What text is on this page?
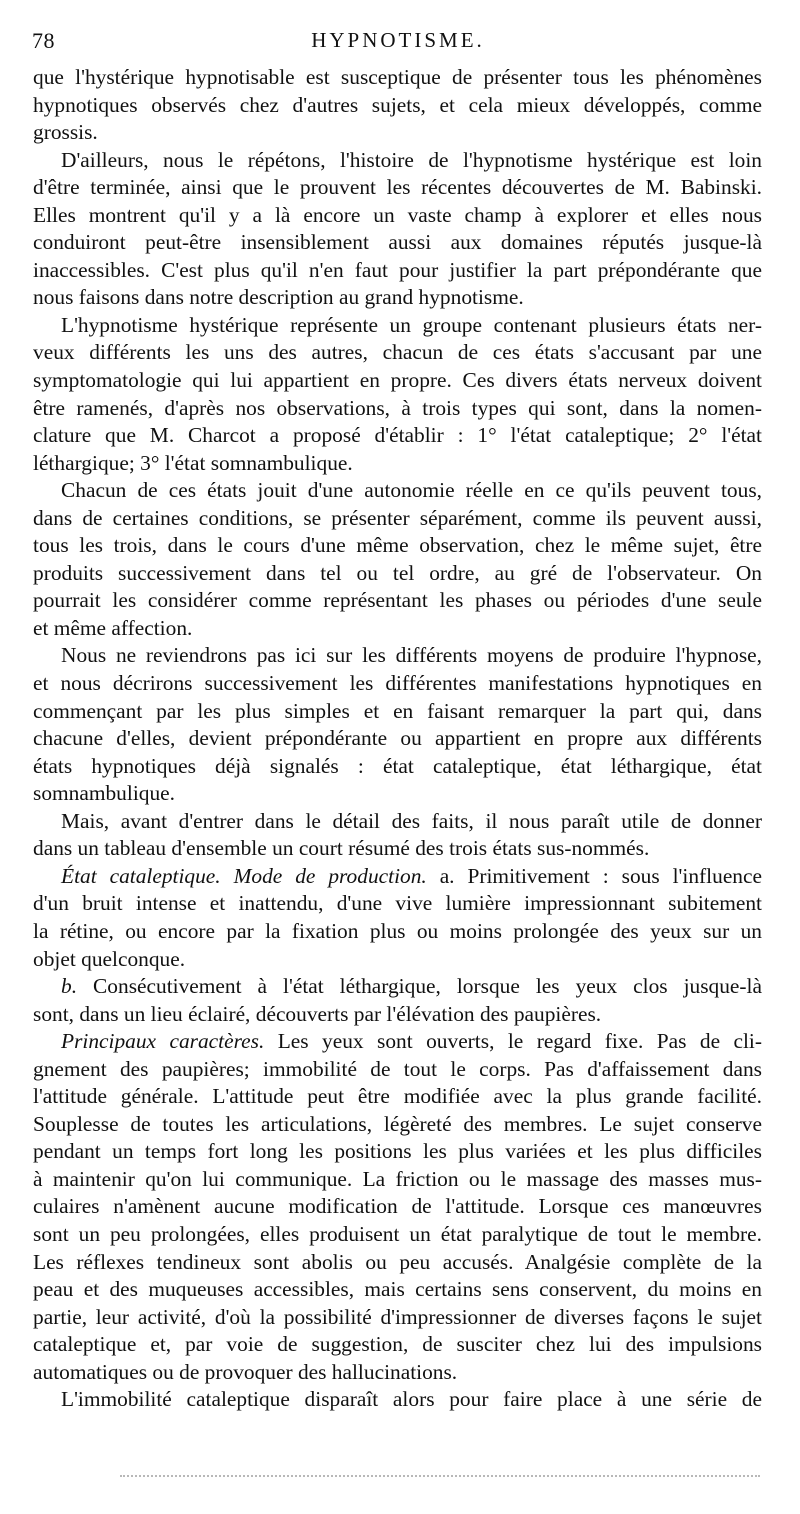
78	HYPNOTISME.
que l'hystérique hypnotisable est susceptique de présenter tous les phénomènes
hypnotiques observés chez d'autres sujets, et cela mieux développés, comme
grossis.
D'ailleurs, nous le répétons, l'histoire de l'hypnotisme hystérique est loin
d'être terminée, ainsi que le prouvent les récentes découvertes de M. Babinski.
Elles montrent qu'il y a là encore un vaste champ à explorer et elles nous
conduiront peut-être insensiblement aussi aux domaines réputés jusque-là
inaccessibles. C'est plus qu'il n'en faut pour justifier la part prépondérante que
nous faisons dans notre description au grand hypnotisme.
L'hypnotisme hystérique représente un groupe contenant plusieurs états ner-
veux différents les uns des autres, chacun de ces états s'accusant par une
symptomatologie qui lui appartient en propre. Ces divers états nerveux doivent
être ramenés, d'après nos observations, à trois types qui sont, dans la nomen-
clature que M. Charcot a proposé d'établir : 1° l'état cataleptique; 2° l'état
léthargique; 3° l'état somnambulique.
Chacun de ces états jouit d'une autonomie réelle en ce qu'ils peuvent tous,
dans de certaines conditions, se présenter séparément, comme ils peuvent aussi,
tous les trois, dans le cours d'une même observation, chez le même sujet, être
produits successivement dans tel ou tel ordre, au gré de l'observateur. On
pourrait les considérer comme représentant les phases ou périodes d'une seule
et même affection.
Nous ne reviendrons pas ici sur les différents moyens de produire l'hypnose,
et nous décrirons successivement les différentes manifestations hypnotiques en
commençant par les plus simples et en faisant remarquer la part qui, dans
chacune d'elles, devient prépondérante ou appartient en propre aux différents
états hypnotiques déjà signalés : état cataleptique, état léthargique, état
somnambulique.
Mais, avant d'entrer dans le détail des faits, il nous paraît utile de donner
dans un tableau d'ensemble un court résumé des trois états sus-nommés.
État cataleptique. Mode de production. a. Primitivement : sous l'influence
d'un bruit intense et inattendu, d'une vive lumière impressionnant subitement
la rétine, ou encore par la fixation plus ou moins prolongée des yeux sur un
objet quelconque.
b. Consécutivement à l'état léthargique, lorsque les yeux clos jusque-là
sont, dans un lieu éclairé, découverts par l'élévation des paupières.
Principaux caractères. Les yeux sont ouverts, le regard fixe. Pas de cli-
gnement des paupières; immobilité de tout le corps. Pas d'affaissement dans
l'attitude générale. L'attitude peut être modifiée avec la plus grande facilité.
Souplesse de toutes les articulations, légèreté des membres. Le sujet conserve
pendant un temps fort long les positions les plus variées et les plus difficiles
à maintenir qu'on lui communique. La friction ou le massage des masses mus-
culaires n'amènent aucune modification de l'attitude. Lorsque ces manœuvres
sont un peu prolongées, elles produisent un état paralytique de tout le membre.
Les réflexes tendineux sont abolis ou peu accusés. Analgésie complète de la
peau et des muqueuses accessibles, mais certains sens conservent, du moins en
partie, leur activité, d'où la possibilité d'impressionner de diverses façons le sujet
cataleptique et, par voie de suggestion, de susciter chez lui des impulsions
automatiques ou de provoquer des hallucinations.
L'immobilité cataleptique disparaît alors pour faire place à une série de
